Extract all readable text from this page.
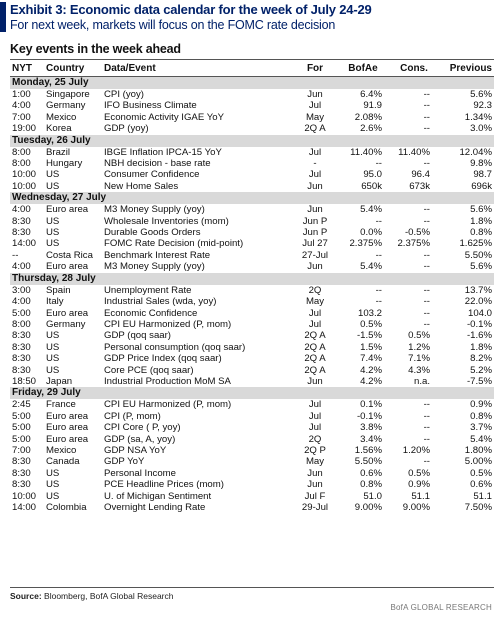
Exhibit 3: Economic data calendar for the week of July 24-29
For next week, markets will focus on the FOMC rate decision
Key events in the week ahead
NYT	Country	Data/Event	For	BofAe	Cons.	Previous
Monday, 25 July						
1:00	Singapore	CPI (yoy)	Jun	6.4%	--	5.6%
4:00	Germany	IFO Business Climate	Jul	91.9	--	92.3
7:00	Mexico	Economic Activity IGAE YoY	May	2.08%	--	1.34%
19:00	Korea	GDP (yoy)	2Q A	2.6%	--	3.0%
Tuesday, 26 July						
8:00	Brazil	IBGE Inflation IPCA-15 YoY	Jul	11.40%	11.40%	12.04%
8:00	Hungary	NBH decision - base rate	-	--	--	9.8%
10:00	US	Consumer Confidence	Jul	95.0	96.4	98.7
10:00	US	New Home Sales	Jun	650k	673k	696k
Wednesday, 27 July						
4:00	Euro area	M3 Money Supply (yoy)	Jun	5.4%	--	5.6%
8:30	US	Wholesale Inventories (mom)	Jun P	--	--	1.8%
8:30	US	Durable Goods Orders	Jun P	0.0%	-0.5%	0.8%
14:00	US	FOMC Rate Decision (mid-point)	Jul 27	2.375%	2.375%	1.625%
--	Costa Rica	Benchmark Interest Rate	27-Jul	--	--	5.50%
4:00	Euro area	M3 Money Supply (yoy)	Jun	5.4%	--	5.6%
Thursday, 28 July						
3:00	Spain	Unemployment Rate	2Q	--	--	13.7%
4:00	Italy	Industrial Sales (wda, yoy)	May	--	--	22.0%
5:00	Euro area	Economic Confidence	Jul	103.2	--	104.0
8:00	Germany	CPI EU Harmonized (P, mom)	Jul	0.5%	--	-0.1%
8:30	US	GDP (qoq saar)	2Q A	-1.5%	0.5%	-1.6%
8:30	US	Personal consumption (qoq saar)	2Q A	1.5%	1.2%	1.8%
8:30	US	GDP Price Index (qoq saar)	2Q A	7.4%	7.1%	8.2%
8:30	US	Core PCE (qoq saar)	2Q A	4.2%	4.3%	5.2%
18:50	Japan	Industrial Production MoM SA	Jun	4.2%	n.a.	-7.5%
Friday, 29 July						
2:45	France	CPI EU Harmonized (P, mom)	Jul	0.1%	--	0.9%
5:00	Euro area	CPI (P, mom)	Jul	-0.1%	--	0.8%
5:00	Euro area	CPI Core ( P, yoy)	Jul	3.8%	--	3.7%
5:00	Euro area	GDP (sa, A, yoy)	2Q	3.4%	--	5.4%
7:00	Mexico	GDP NSA YoY	2Q P	1.56%	1.20%	1.80%
8:30	Canada	GDP YoY	May	5.50%	--	5.00%
8:30	US	Personal Income	Jun	0.6%	0.5%	0.5%
8:30	US	PCE Headline Prices (mom)	Jun	0.8%	0.9%	0.6%
10:00	US	U. of Michigan Sentiment	Jul F	51.0	51.1	51.1
14:00	Colombia	Overnight Lending Rate	29-Jul	9.00%	9.00%	7.50%
Source: Bloomberg, BofA Global Research
BofA GLOBAL RESEARCH
